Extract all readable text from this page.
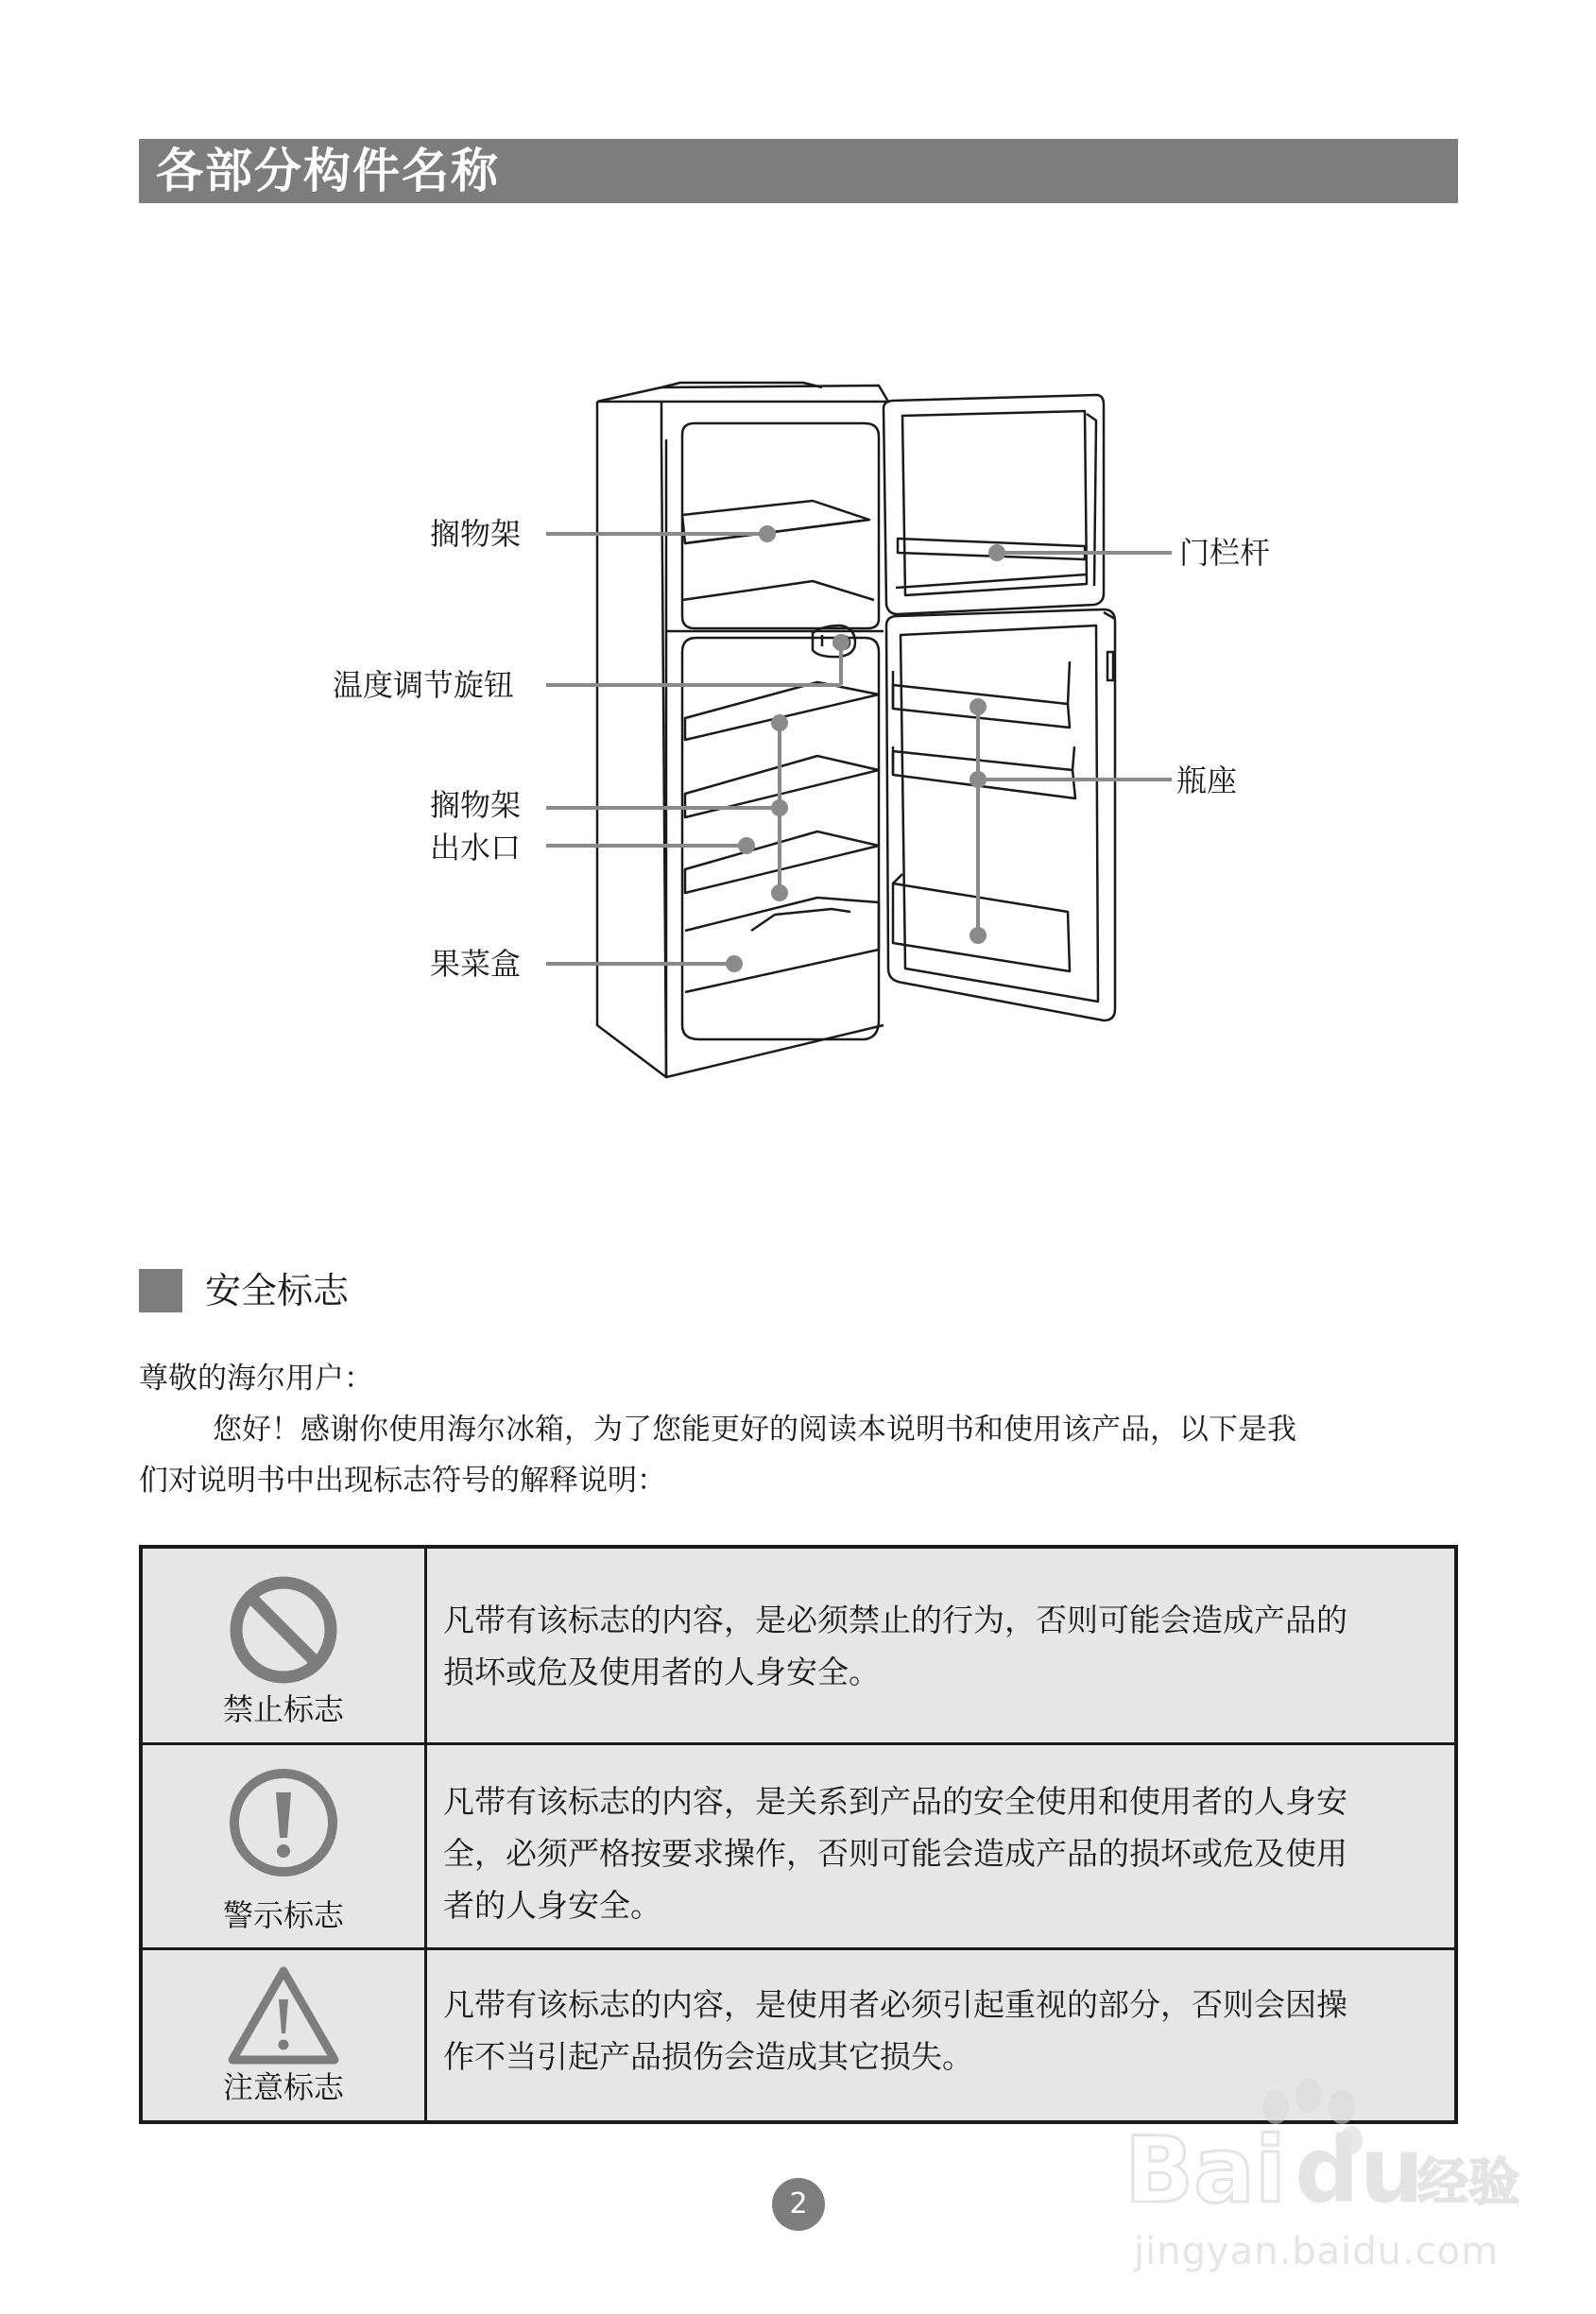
各部分构件名称
搁物架
温度调节旋钮
搁物架
出水口
果菜盒
门栏杆
瓶座
安全标志
尊敬的海尔用户：
您好！感谢你使用海尔冰箱，为了您能更好的阅读本说明书和使用该产品，以下是我
们对说明书中出现标志符号的解释说明：
禁止标志
凡带有该标志的内容，是必须禁止的行为，否则可能会造成产品的
损坏或危及使用者的人身安全。
警示标志
凡带有该标志的内容，是关系到产品的安全使用和使用者的人身安
全，必须严格按要求操作，否则可能会造成产品的损坏或危及使用
者的人身安全。
注意标志
凡带有该标志的内容，是使用者必须引起重视的部分，否则会因操
作不当引起产品损伤会造成其它损失。
2	Bai du
经验
jingyan.baidu.com
